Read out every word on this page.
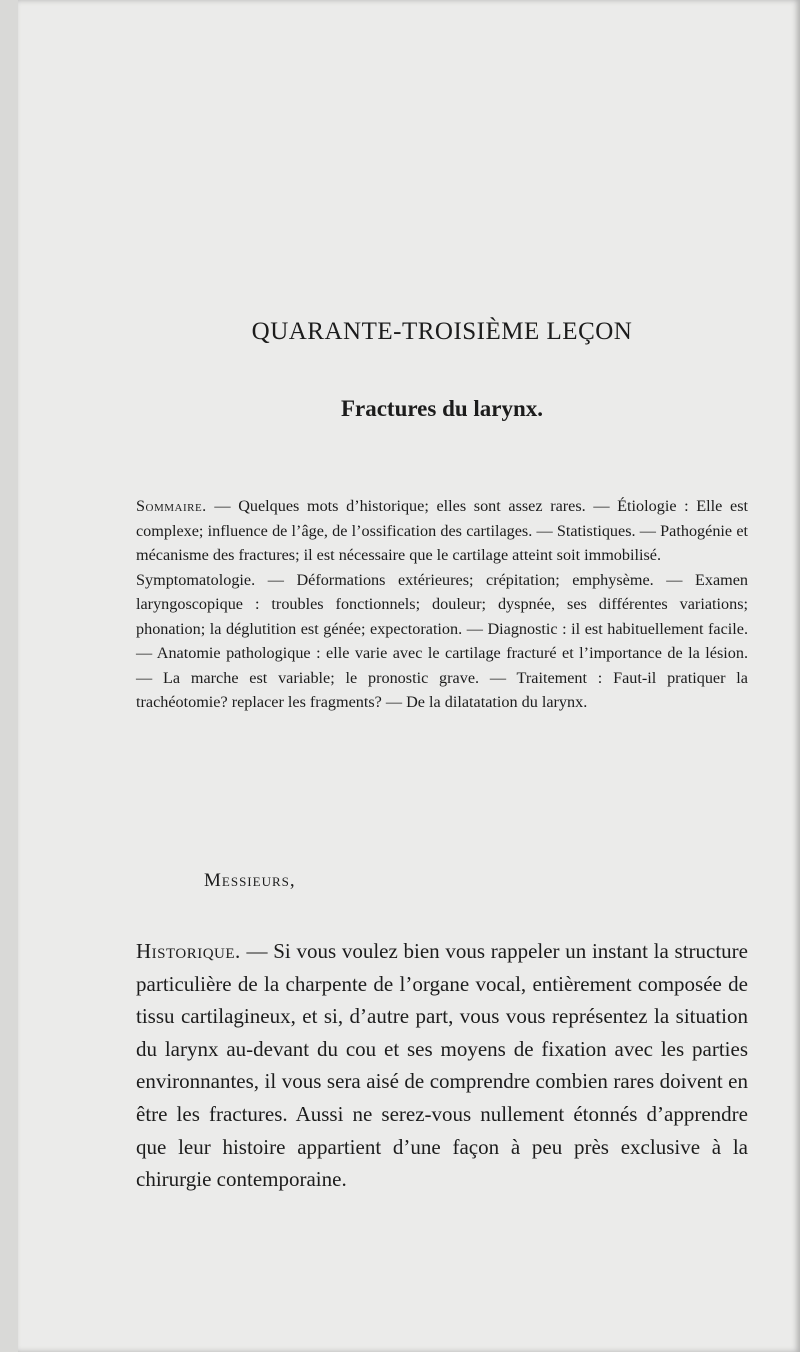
QUARANTE-TROISIÈME LEÇON
Fractures du larynx.

Sommaire. — Quelques mots d’historique; elles sont assez rares. — Étiologie : Elle est complexe; influence de l’âge, de l’ossification des cartilages. — Statistiques. — Pathogénie et mécanisme des fractures; il est nécessaire que le cartilage atteint soit immobilisé.

Symptomatologie. — Déformations extérieures; crépitation; emphysème. — Examen laryngoscopique : troubles fonctionnels; douleur; dyspnée, ses différentes variations; phonation; la déglutition est génée; expectoration. — Diagnostic : il est habituellement facile. — Anatomie pathologique : elle varie avec le cartilage fracturé et l’importance de la lésion. — La marche est variable; le pronostic grave. — Traitement : Faut-il pratiquer la trachéotomie? replacer les fragments? — De la dilatatation du larynx.

Messieurs,

Historique. — Si vous voulez bien vous rappeler un instant la structure particulière de la charpente de l’organe vocal, entièrement composée de tissu cartilagineux, et si, d’autre part, vous vous représentez la situation du larynx au-devant du cou et ses moyens de fixation avec les parties environnantes, il vous sera aisé de comprendre combien rares doivent en être les fractures. Aussi ne serez-vous nullement étonnés d’apprendre que leur histoire appartient d’une façon à peu près exclusive à la chirurgie contemporaine.
